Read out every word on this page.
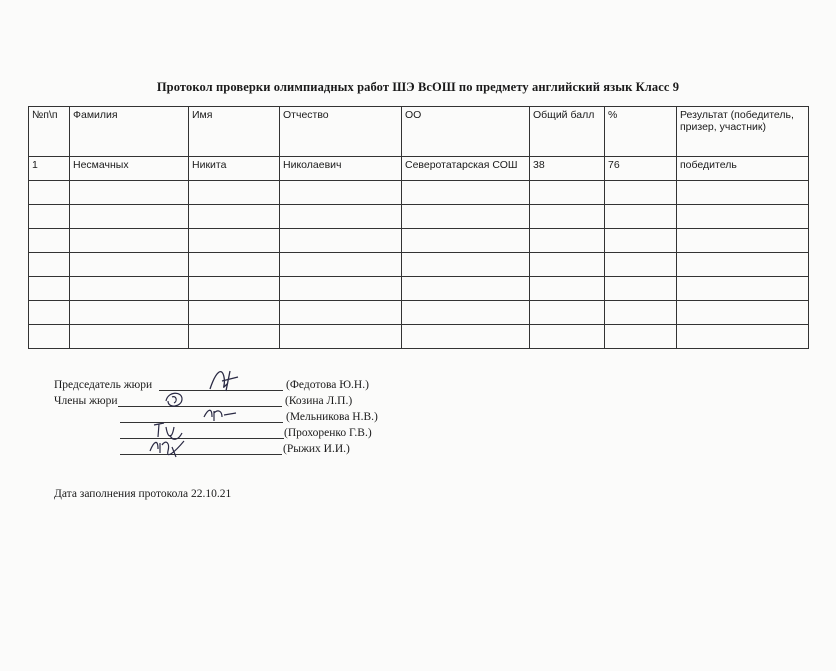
Протокол проверки олимпиадных работ ШЭ ВсОШ по предмету английский язык Класс 9
№п\п	Фамилия	Имя	Отчество	ОО	Общий балл	%	Результат (победитель, призер, участник)
1	Несмачных	Никита	Николаевич	Северотатарская СОШ	38	76	победитель

Председатель жюри	(Федотова Ю.Н.)
Члены жюри	(Козина Л.П.)
(Мельникова Н.В.)
(Прохоренко Г.В.)
(Рыжих И.И.)
Дата заполнения протокола 22.10.21
